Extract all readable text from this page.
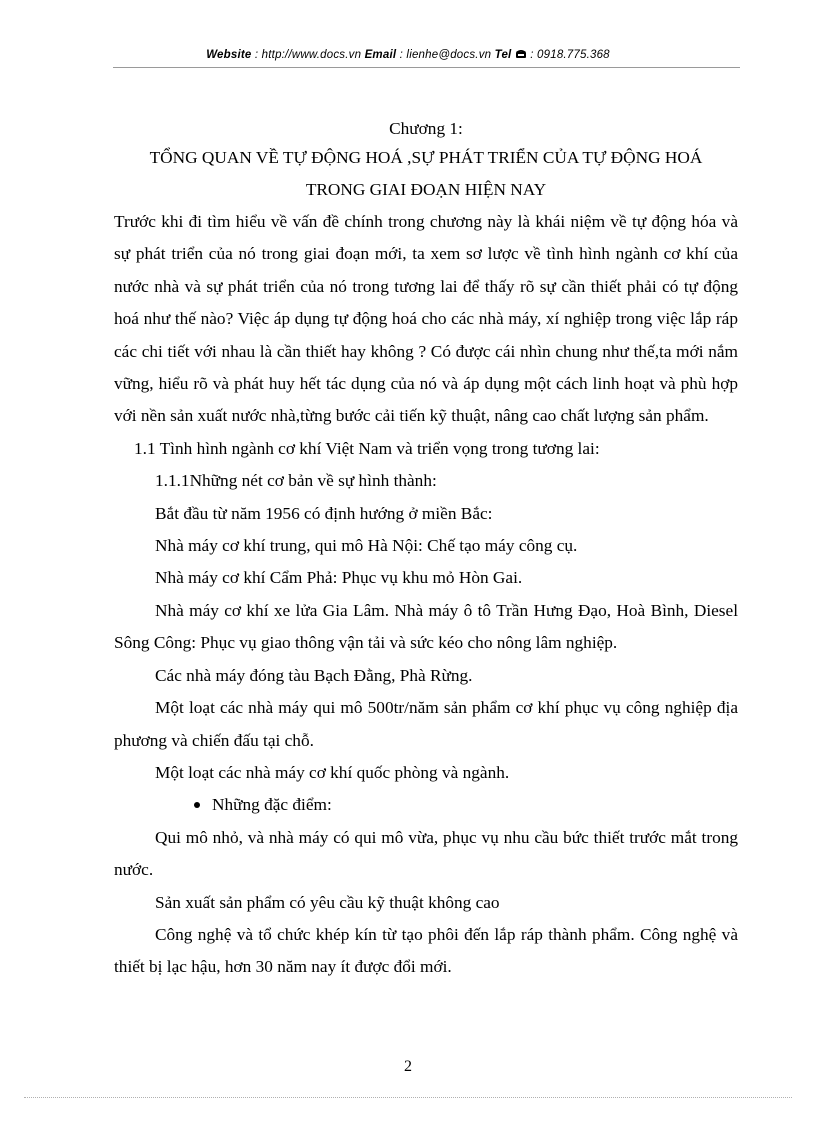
Website : http://www.docs.vn Email : lienhe@docs.vn Tel  : 0918.775.368
Chương 1:
TỔNG QUAN VỀ TỰ ĐỘNG HOÁ ,SỰ PHÁT TRIỂN CỦA TỰ ĐỘNG HOÁ
TRONG GIAI ĐOẠN HIỆN NAY

Trước khi đi tìm hiểu về vấn đề chính trong chương này là khái niệm về tự động hóa và sự phát triển của nó trong giai đoạn mới, ta xem sơ lược về tình hình ngành cơ khí của nước nhà và sự phát triển của nó trong tương lai để thấy rõ sự cần thiết phải có tự động hoá như thế nào? Việc áp dụng tự động hoá cho các nhà máy, xí nghiệp trong việc lắp ráp các chi tiết với nhau là cần thiết hay không ? Có được cái nhìn chung như thế,ta mới nắm vững, hiểu rõ và phát huy hết tác dụng của nó và áp dụng một cách linh hoạt và phù hợp với nền sản xuất nước nhà,từng bước cải tiến kỹ thuật, nâng cao chất lượng sản phẩm.

1.1 Tình hình ngành cơ khí Việt Nam và triển vọng trong tương lai:

1.1.1Những nét cơ bản về sự hình thành:

Bắt đầu từ năm 1956 có định hướng ở miền Bắc:

Nhà máy cơ khí trung, qui mô Hà Nội: Chế tạo máy công cụ.

Nhà máy cơ khí Cẩm Phả: Phục vụ khu mỏ Hòn Gai.

Nhà máy cơ khí xe lửa Gia Lâm. Nhà máy ô tô Trần Hưng Đạo, Hoà Bình, Diesel Sông Công: Phục vụ giao thông vận tải và sức kéo cho nông lâm nghiệp.

Các nhà máy đóng tàu Bạch Đằng, Phà Rừng.

Một loạt các nhà máy qui mô 500tr/năm sản phẩm cơ khí phục vụ công nghiệp địa phương và chiến đấu tại chỗ.

Một loạt các nhà máy cơ khí quốc phòng và ngành.

Những đặc điểm:

Qui mô nhỏ, và nhà máy có qui mô vừa, phục vụ nhu cầu bức thiết trước mắt trong nước.

Sản xuất sản phẩm có yêu cầu kỹ thuật không cao

Công nghệ và tổ chức khép kín từ tạo phôi đến lắp ráp thành phẩm. Công nghệ và thiết bị lạc hậu, hơn 30 năm nay ít được đổi mới.

2
